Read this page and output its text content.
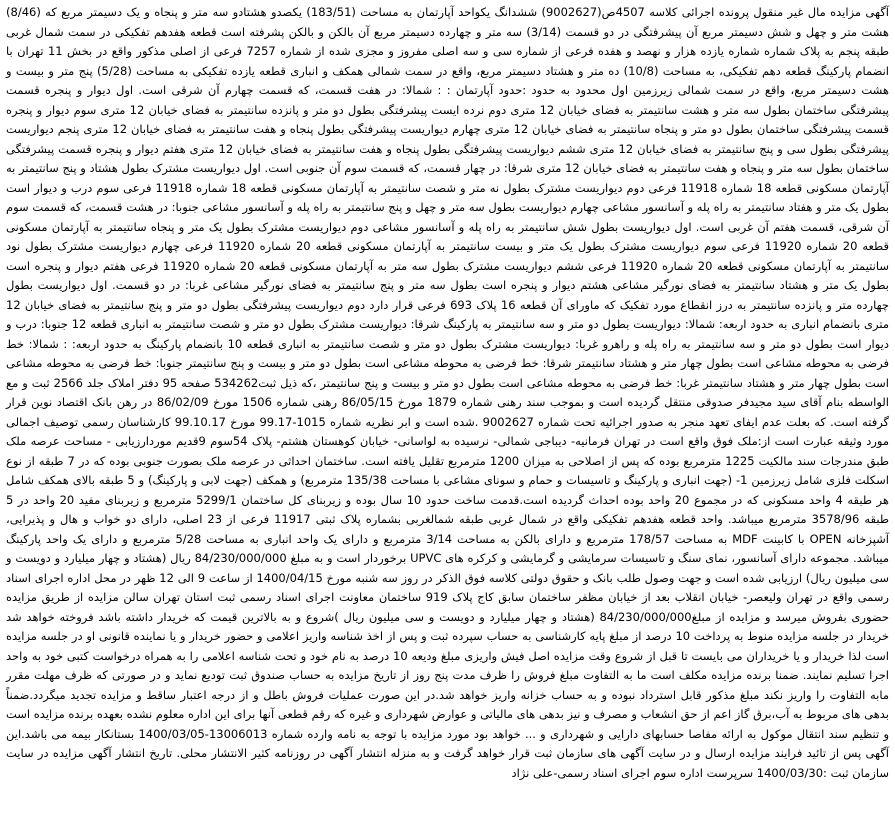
آگهی مزایده مال غیر منقول پرونده اجرائی کلاسه 4507ص(9002627) ششدانگ یکواحد آپارتمان به مساحت (183/51) یکصدو هشتادو سه متر و پنجاه و یک دسیمتر مربع که (8/46) هشت متر و چهل و شش دسیمتر مربع آن پیشرفتگی در دو قسمت (3/14) سه متر و چهارده دسیمتر مربع آن بالکن و بالکن پشرفته است قطعه هفدهم تفکیکی در سمت شمال غربی طبقه پنجم به پلاک شماره شماره یازده هزار و نهصد و هفده فرعی از شماره سی و سه اصلی مفروز و مجزی شده از شماره 7257 فرعی از اصلی مذکور واقع در بخش 11 تهران با انضمام پارکینگ قطعه دهم تفکیکی، به مساحت (10/8) ده متر و هشتاد دسیمتر مربع، واقع در سمت شمالی همکف و انباری قطعه یازده تفکیکی به مساحت (5/28) پنج متر و بیست و هشت دسیمتر مربع، واقع در سمت شمالی زیرزمین اول محدود به حدود :حدود آپارتمان : : شمالا: در هفت قسمت، که قسمت چهارم آن شرقی است. اول دیوار و پنجره قسمت پیشرفتگی ساختمان بطول سه متر و هشت سانتیمتر به فضای خیابان 12 متری دوم نرده ایست پیشرفتگی بطول دو متر و پانزده سانتیمتر به فضای خیابان 12 متری سوم دیوار و پنجره قسمت پیشرفتگی ساختمان بطول دو متر و پنجاه سانتیمتر به فضای خیابان 12 متری چهارم دیواریست پیشرفتگی بطول پنجاه و هفت سانتیمتر به فضای خیابان 12 متری پنجم دیواریست پیشرفتگی بطول سی و پنج سانتیمتر به فضای خیابان 12 متری ششم دیواریست پیشرفتگی بطول پنجاه و هفت سانتیمتر به فضای خیابان 12 متری هفتم دیوار و پنجره قسمت پیشرفتگی ساختمان بطول سه متر و پنجاه و هفت سانتیمتر به فضای خیابان 12 متری شرقا: در چهار قسمت، که قسمت سوم آن جنوبی است. اول دیواریست مشترک بطول هشتاد و پنج سانتیمتر به آپارتمان مسکونی قطعه 18 شماره 11918 فرعی دوم دیواریست مشترک بطول نه متر و شصت سانتیمتر به آپارتمان مسکونی قطعه 18 شماره 11918 فرعی سوم درب و دیوار است بطول یک متر و هفتاد سانتیمتر به راه پله و آسانسور مشاعی چهارم دیواریست بطول سه متر و چهل و پنج سانتیمتر به راه پله و آسانسور مشاعی جنوبا: در هشت قسمت، که قسمت سوم آن شرقی، قسمت هفتم آن غربی است. اول دیواریست بطول شش سانتیمتر به راه پله و آسانسور مشاعی دوم دیواریست مشترک بطول یک متر و پنجاه سانتیمتر به آپارتمان مسکونی قطعه 20 شماره 11920 فرعی سوم دیواریست مشترک بطول یک متر و بیست سانتیمتر به آپارتمان مسکونی قطعه 20 شماره 11920 فرعی چهارم دیواریست مشترک بطول نود سانتیمتر به آپارتمان مسکونی قطعه 20 شماره 11920 فرعی ششم دیواریست مشترک بطول سه متر به آپارتمان مسکونی قطعه 20 شماره 11920 فرعی هفتم دیوار و پنجره است بطول یک متر و هشتاد سانتیمتر به فضای نورگیر مشاعی هشتم دیوار و پنجره است بطول سه متر و پنج سانتیمتر به فضای نورگیر مشاعی غربا: در دو قسمت. اول دیواریست بطول چهارده متر و پانزده سانتیمتر به درز انقطاع مورد تفکیک که ماورای آن قطعه 16 پلاک 693 فرعی قرار دارد دوم دیواریست پیشرفتگی بطول دو متر و پنج سانتیمتر به فضای خیابان 12 متری بانضمام انباری به حدود اربعه: شمالا: دیواریست بطول دو متر و سه سانتیمتر به پارکینگ شرقا: دیواریست مشترک بطول دو متر و شصت سانتیمتر به انباری قطعه 12 جنوبا: درب و دیوار است بطول دو متر و سه سانتیمتر به راه پله و راهرو غربا: دیواریست مشترک بطول دو متر و شصت سانتیمتر به انباری قطعه 10 بانضمام پارکینگ به حدود اربعه: : شمالا: خط فرضی به محوطه مشاعی است بطول چهار متر و هشتاد سانتیمتر شرقا: خط فرضی به محوطه مشاعی است بطول دو متر و بیست و پنج سانتیمتر جنوبا: خط فرضی به محوطه مشاعی است بطول چهار متر و هشتاد سانتیمتر غربا: خط فرضی به محوطه مشاعی است بطول دو متر و بیست و پنج سانتیمتر ،که ذیل ثبت534262 صفحه 95 دفتر املاک جلد 2566 ثبت و مع الواسطه بنام آقای سید مجیدفر صدوقی منتقل گردیده است و بموجب سند رهنی شماره 1879 مورخ 86/05/15 رهنی شماره 1506 مورخ 86/02/09 در رهن بانک اقتصاد نوین قرار گرفته است. که بعلت عدم ایفای تعهد منجر به صدور اجرائیه تحت شماره 9002627 .شده است و ابر نظریه شماره 1015-99.17 مورخ 99.10.17 کارشناسان رسمی توصیف اجمالی مورد وثیقه عبارت است از:ملک فوق واقع است در تهران فرمانیه- دیباجی شمالی- نرسیده به لواسانی- خیابان کوهستان هشتم- پلاک 54سوم 9قدیم موردارزیابی - مساحت عرصه ملک طبق مندرجات سند مالکیت 1225 مترمربع بوده که پس از اصلاحی به میزان 1200 مترمربع تقلیل یافته است. ساختمان احداثی در عرصه ملک بصورت جنوبی بوده که در 7 طبقه از نوع اسکلت فلزی شامل زیرزمین 1- (جهت انباری و پارکینگ و تاسیسات و حمام و سونای مشاعی با مساحت 135/38 مترمربع) و همکف (جهت لابی و پارکینگ) و 5 طبقه بالای همکف شامل هر طبقه 4 واحد مسکونی که در مجموع 20 واحد بوده احداث گردیده است.قدمت ساخت حدود 10 سال بوده و زیربنای کل ساختمان 5299/1 مترمربع و زیربنای مفید 20 واحد در 5 طبقه 3578/96 مترمربع میباشد. واحد قطعه هفدهم تفکیکی واقع در شمال غربی طبقه شمالغربی بشماره پلاک ثبتی 11917 فرعی از 23 اصلی، دارای دو خواب و هال و پذیرایی، آشپزخانه OPEN با کابینت MDF به مساحت 178/57 مترمربع و دارای بالکن به مساحت 3/14 مترمربع و دارای یک واحد انباری به مساحت 5/28 مترمربع و دارای یک واحد پارکینگ میباشد. مجموعه دارای آسانسور، نمای سنگ و تاسیسات سرمایشی و گرمایشی و کرکره های UPVC برخوردار است و به مبلغ 84/230/000/000 ریال (هشتاد و چهار میلیارد و دویست و سی میلیون ریال) ارزیابی شده است و جهت وصول طلب بانک و حقوق دولتی کلاسه فوق الذکر در روز سه شنبه مورخ 1400/04/15 از ساعت 9 الی 12 ظهر در محل اداره اجرای اسناد رسمی واقع در تهران ولیعصر- خیابان انقلاب بعد از خیابان مظفر ساختمان سابق کاج پلاک 919 ساختمان معاونت اجرای اسناد رسمی ثبت استان تهران سالن مزایده از طریق مزایده حضوری بفروش میرسد و مزایده از مبلغ84/230/000/000 (هشتاد و چهار میلیارد و دویست و سی میلیون ریال )شروع و به بالاترین قیمت که خریدار داشته باشد فروخته خواهد شد خریدار در جلسه مزایده منوط به پرداخت 10 درصد از مبلغ پایه کارشناسی به حساب سپرده ثبت و پس از اخذ شناسه واریز اعلامی و حضور خریدار و یا نماینده قانونی او در جلسه مزایده است لذا خریدار و یا خریداران می بایست تا قبل از شروع وقت مزایده اصل فیش واریزی مبلغ ودیعه 10 درصد به نام خود و تحت شناسه اعلامی را به همراه درخواست کتبی خود به واحد اجرا تسلیم نمایند. ضمنا برنده مزایده مکلف است ما به التفاوت مبلغ فروش را ظرف مدت پنج روز از تاریخ مزایده به حساب صندوق ثبت تودیع نماید و در صورتی که ظرف مهلت مقرر مابه التفاوت را واریز نکند مبلغ مذکور قابل استرداد نبوده و به حساب خزانه واریز خواهد شد.در این صورت عملیات فروش باطل و از درجه اعتبار ساقط و مزایده تجدید میگردد.ضمناً بدهی های مربوط به آب،برق گاز اعم از حق انشعاب و مصرف و نیز بدهی های مالیاتی و عوارض شهرداری و غیره که رقم قطعی آنها برای این اداره معلوم نشده بعهده برنده مزایده است و تنظیم سند انتقال موکول به ارائه مفاصا حسابهای دارایی و شهرداری و ... خواهد بود مورد مزایده با توجه به نامه وارده شماره 13006013-1400/03/05 بستانکار بیمه می باشد.این آگهی پس از تائید فرایند مزایده ارسال و در سایت آگهی های سازمان ثبت قرار خواهد گرفت و به منزله انتشار آگهی در روزنامه کثیر الانتشار محلی. تاریخ انتشار آگهی مزایده در سایت سازمان ثبت :1400/03/30 سرپرست اداره سوم اجرای اسناد رسمی-علی نژاد
